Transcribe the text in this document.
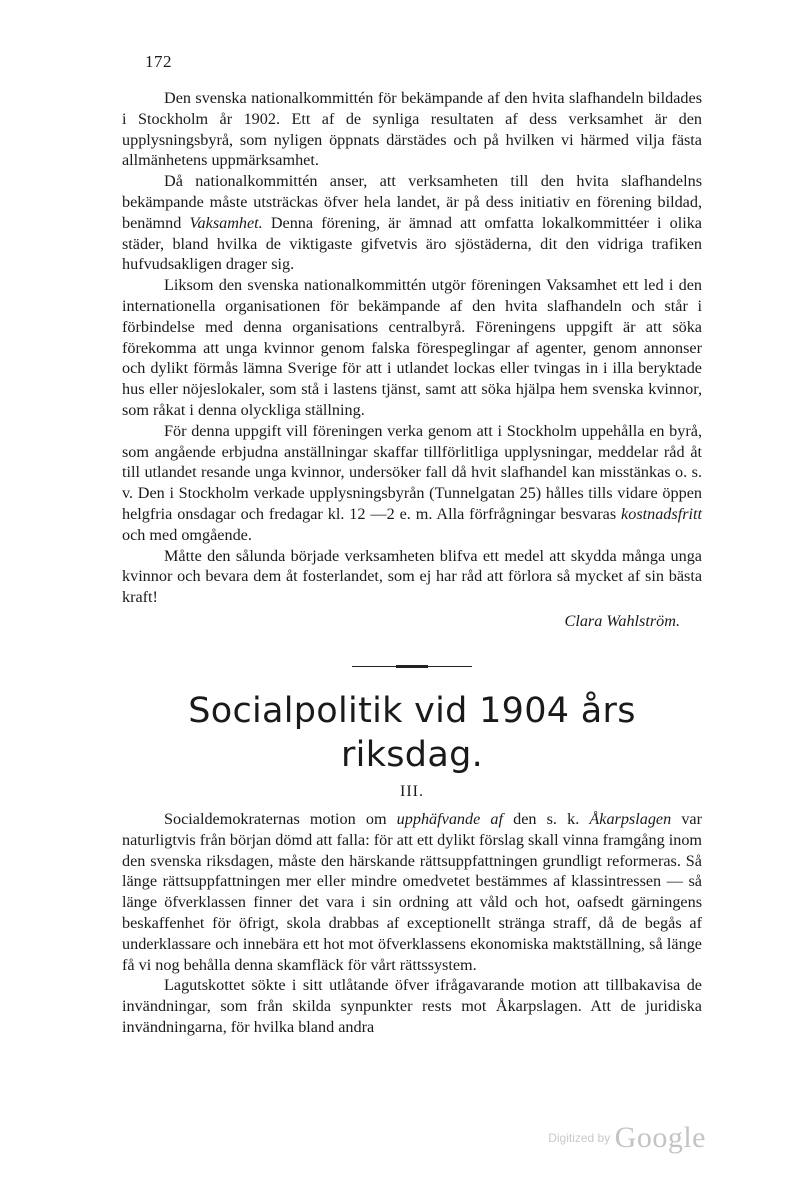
172

Den svenska nationalkommittén för bekämpande af den hvita slafhandeln bildades i Stockholm år 1902. Ett af de synliga resultaten af dess verksamhet är den upplysningsbyrå, som nyligen öppnats därstädes och på hvilken vi härmed vilja fästa allmänhetens uppmärksamhet.

Då nationalkommittén anser, att verksamheten till den hvita slafhandelns bekämpande måste utsträckas öfver hela landet, är på dess initiativ en förening bildad, benämnd Vaksamhet. Denna förening, är ämnad att omfatta lokalkommittéer i olika städer, bland hvilka de viktigaste gifvetvis äro sjöstäderna, dit den vidriga trafiken hufvudsakligen drager sig.

Liksom den svenska nationalkommittén utgör föreningen Vaksamhet ett led i den internationella organisationen för bekämpande af den hvita slafhandeln och står i förbindelse med denna organisations centralbyrå. Föreningens uppgift är att söka förekomma att unga kvinnor genom falska förespeglingar af agenter, genom annonser och dylikt förmås lämna Sverige för att i utlandet lockas eller tvingas in i illa beryktade hus eller nöjeslokaler, som stå i lastens tjänst, samt att söka hjälpa hem svenska kvinnor, som råkat i denna olyckliga ställning.

För denna uppgift vill föreningen verka genom att i Stockholm uppehålla en byrå, som angående erbjudna anställningar skaffar tillförlitliga upplysningar, meddelar råd åt till utlandet resande unga kvinnor, undersöker fall då hvit slafhandel kan misstänkas o. s. v. Den i Stockholm verkade upplysningsbyrån (Tunnelgatan 25) hålles tills vidare öppen helgfria onsdagar och fredagar kl. 12 —2 e. m. Alla förfrågningar besvaras kostnadsfritt och med omgående.

Måtte den sålunda började verksamheten blifva ett medel att skydda många unga kvinnor och bevara dem åt fosterlandet, som ej har råd att förlora så mycket af sin bästa kraft!

Clara Wahlström.
Socialpolitik vid 1904 års riksdag.
III.

Socialdemokraternas motion om upphäfvande af den s. k. Åkarpslagen var naturligtvis från början dömd att falla: för att ett dylikt förslag skall vinna framgång inom den svenska riksdagen, måste den härskande rättsuppfattningen grundligt reformeras. Så länge rättsuppfattningen mer eller mindre omedvetet bestämmes af klassintressen — så länge öfverklassen finner det vara i sin ordning att våld och hot, oafsedt gärningens beskaffenhet för öfrigt, skola drabbas af exceptionellt stränga straff, då de begås af underklassare och innebära ett hot mot öfverklassens ekonomiska maktställning, så länge få vi nog behålla denna skamfläck för vårt rättssystem.

Lagutskottet sökte i sitt utlåtande öfver ifrågavarande motion att tillbakavisa de invändningar, som från skilda synpunkter rests mot Åkarpslagen. Att de juridiska invändningarna, för hvilka bland andra

$^{Digitized by}$ Google
